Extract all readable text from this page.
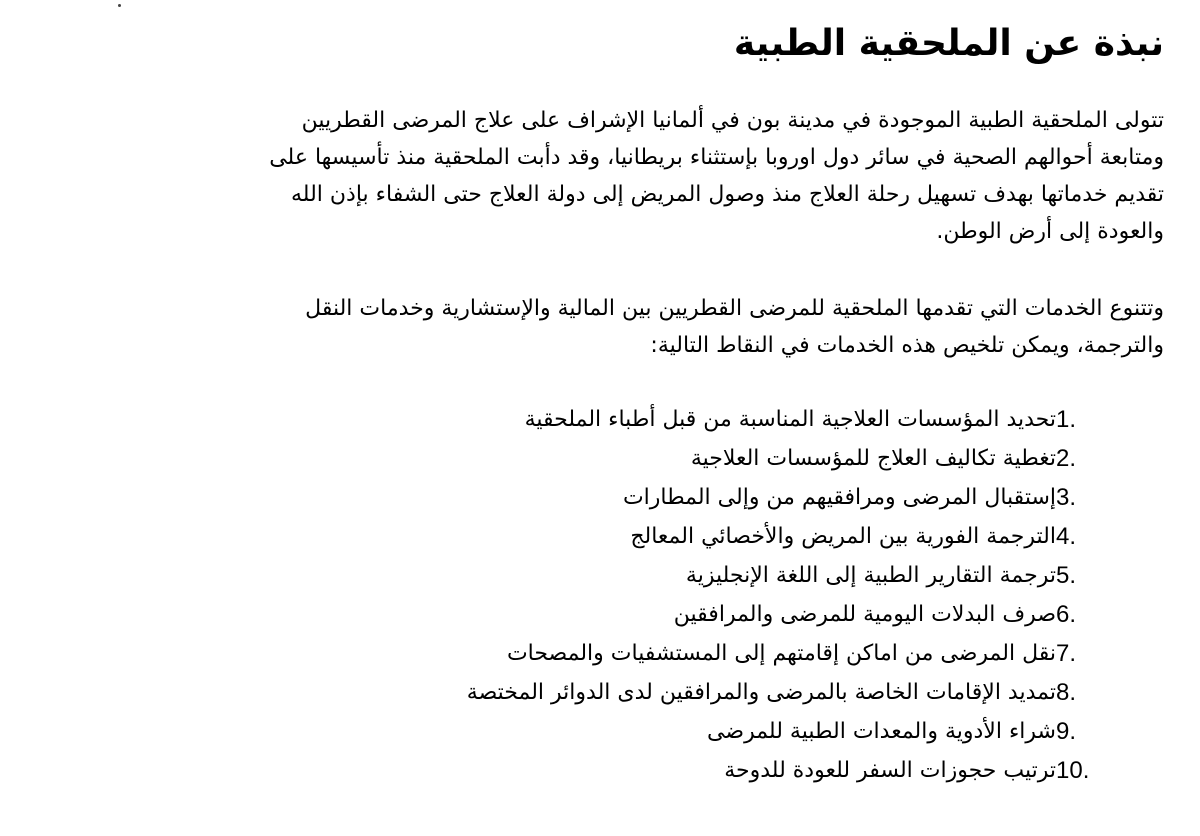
نبذة عن الملحقية الطبية

تتولى الملحقية الطبية الموجودة في مدينة بون في ألمانيا الإشراف على علاج المرضى القطريين
ومتابعة أحوالهم الصحية في سائر دول اوروبا بإستثناء بريطانيا، وقد دأبت الملحقية منذ تأسيسها على
تقديم خدماتها بهدف تسهيل رحلة العلاج منذ وصول المريض إلى دولة العلاج حتى الشفاء بإذن الله
والعودة إلى أرض الوطن.

وتتنوع الخدمات التي تقدمها الملحقية للمرضى القطريين بين المالية والإستشارية وخدمات النقل
والترجمة، ويمكن تلخيص هذه الخدمات في النقاط التالية:

1.
تحديد المؤسسات العلاجية المناسبة من قبل أطباء الملحقية
2.
تغطية تكاليف العلاج للمؤسسات العلاجية
3.
إستقبال المرضى ومرافقيهم من وإلى المطارات
4.
الترجمة الفورية بين المريض والأخصائي المعالج
5.
ترجمة التقارير الطبية إلى اللغة الإنجليزية
6.
صرف البدلات اليومية للمرضى والمرافقين
7.
نقل المرضى من اماكن إقامتهم إلى المستشفيات والمصحات
8.
تمديد الإقامات الخاصة بالمرضى والمرافقين لدى الدوائر المختصة
9.
شراء الأدوية والمعدات الطبية للمرضى
10.
ترتيب حجوزات السفر للعودة للدوحة
